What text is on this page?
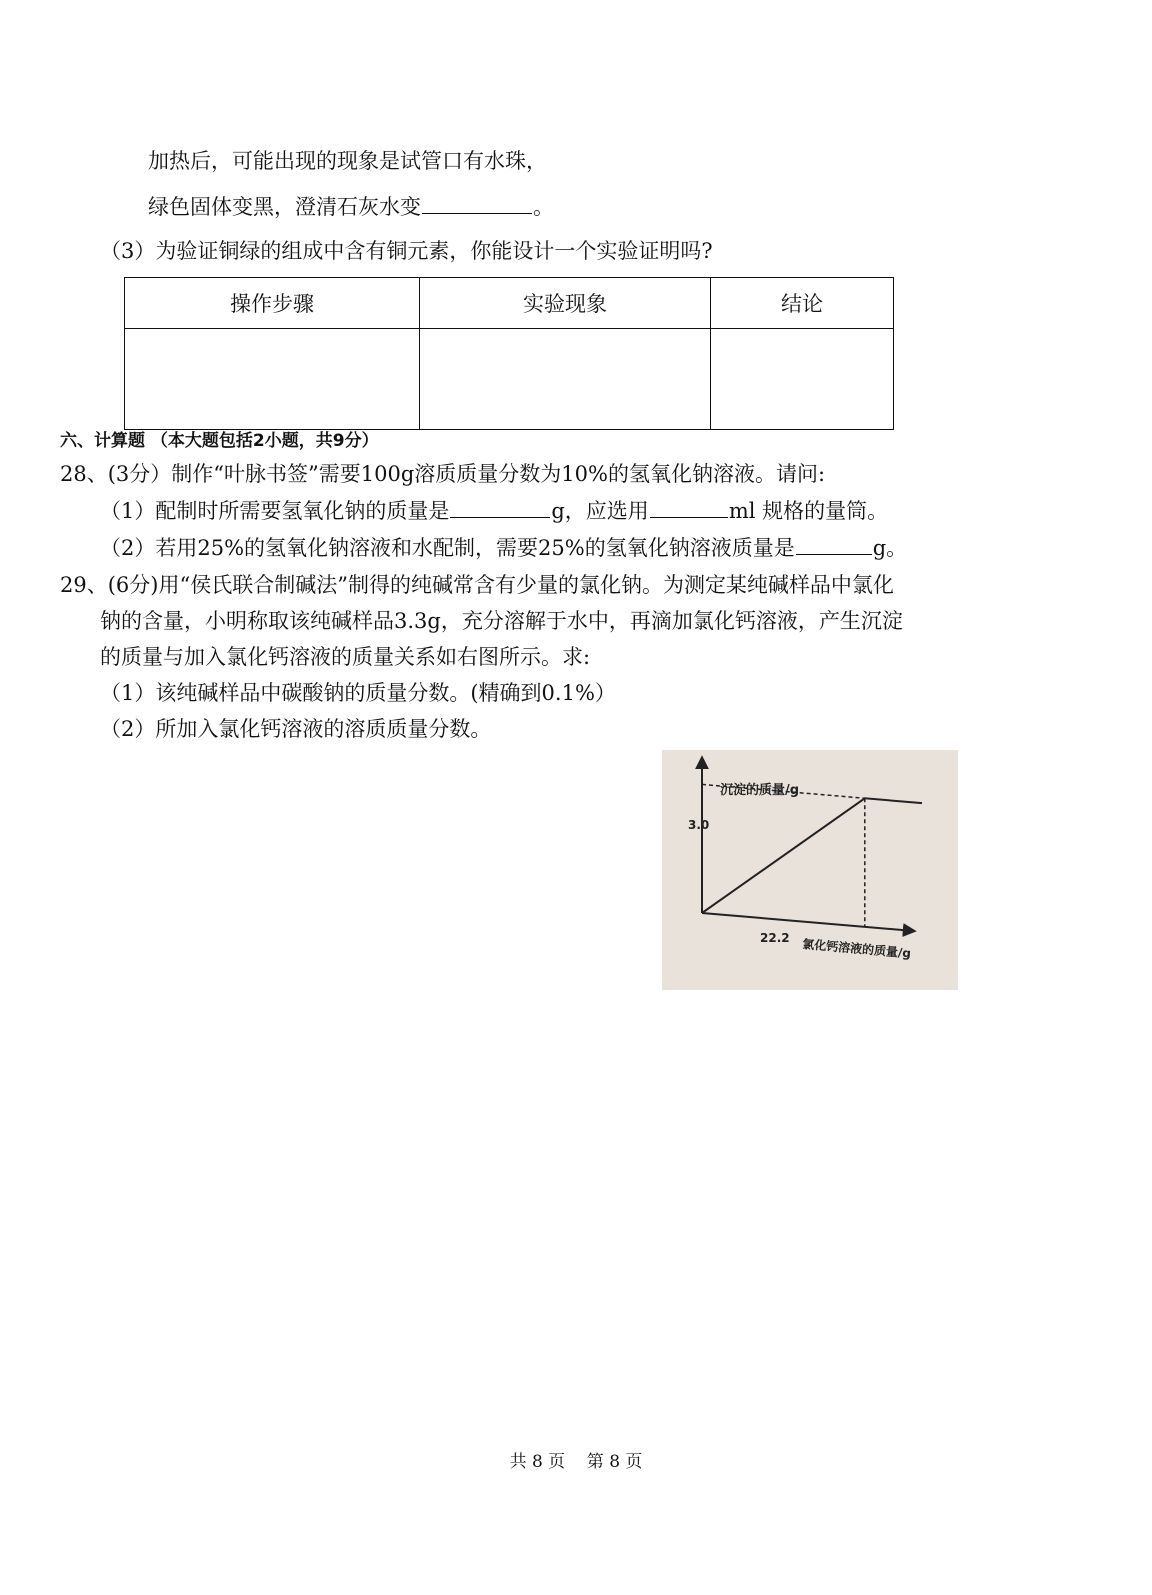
加热后，可能出现的现象是试管口有水珠，
绿色固体变黑，澄清石灰水变	。
（3）为验证铜绿的组成中含有铜元素，你能设计一个实验证明吗?
操作步骤	实验现象	结论

六、计算题 （本大题包括2小题，共9分）
28、(3分）制作“叶脉书签”需要100g溶质质量分数为10%的氢氧化钠溶液。请问:
（1）配制时所需要氢氧化钠的质量是	g，应选用	ml 规格的量筒。
（2）若用25%的氢氧化钠溶液和水配制，需要25%的氢氧化钠溶液质量是	g。
29、(6分)用“侯氏联合制碱法”制得的纯碱常含有少量的氯化钠。为测定某纯碱样品中氯化
钠的含量，小明称取该纯碱样品3.3g，充分溶解于水中，再滴加氯化钙溶液，产生沉淀
的质量与加入氯化钙溶液的质量关系如右图所示。求:
（1）该纯碱样品中碳酸钠的质量分数。(精确到0.1%）
（2）所加入氯化钙溶液的溶质质量分数。
沉淀的质量/g
氯化钙溶液的质量/g
3.0
22.2
共 8 页    第 8 页
